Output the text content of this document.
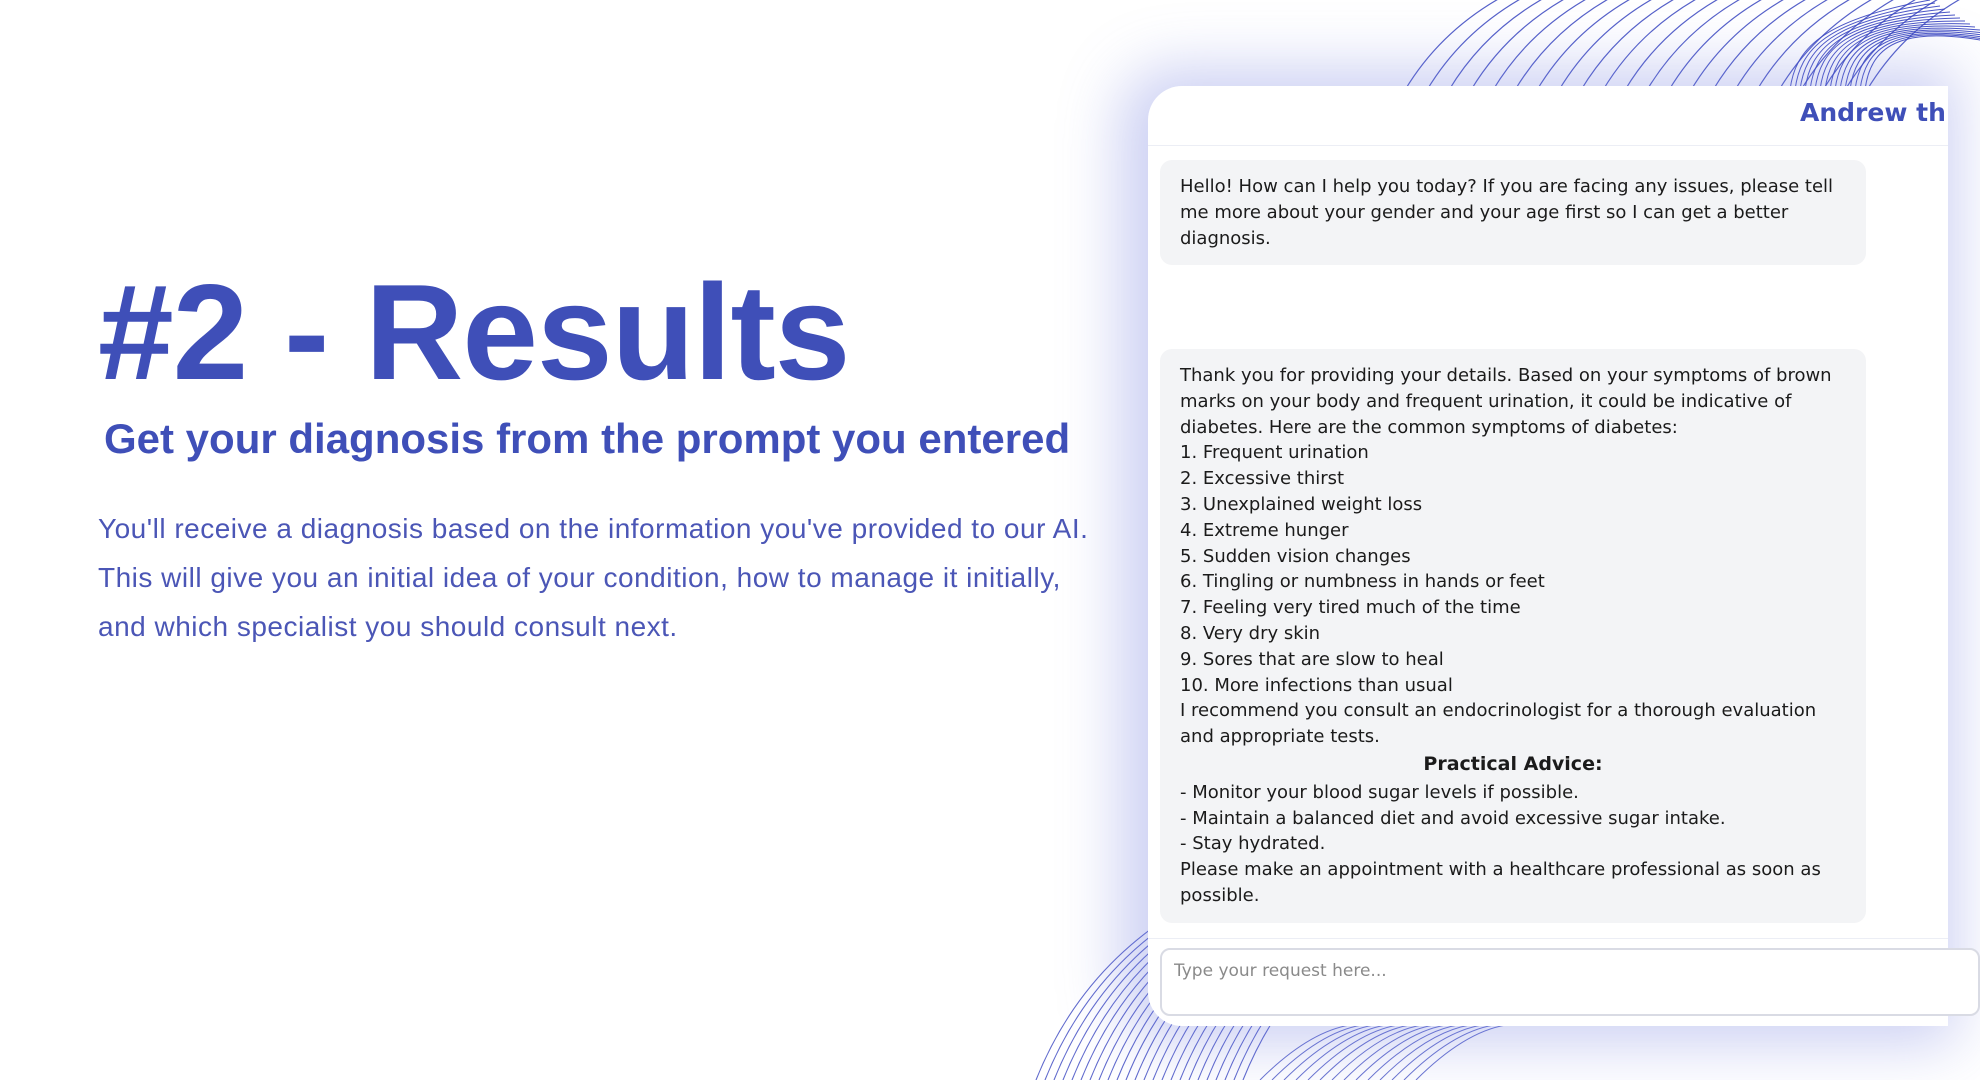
#2 - Results
Get your diagnosis from the prompt you entered

You'll receive a diagnosis based on the information you've provided to our AI. This will give you an initial idea of your condition, how to manage it initially, and which specialist you should consult next.

Andrew th
Hello! How can I help you today? If you are facing any issues, please tell me more about your gender and your age first so I can get a better diagnosis.
Thank you for providing your details. Based on your symptoms of brown marks on your body and frequent urination, it could be indicative of diabetes. Here are the common symptoms of diabetes:
1. Frequent urination
2. Excessive thirst
3. Unexplained weight loss
4. Extreme hunger
5. Sudden vision changes
6. Tingling or numbness in hands or feet
7. Feeling very tired much of the time
8. Very dry skin
9. Sores that are slow to heal
10. More infections than usual
I recommend you consult an endocrinologist for a thorough evaluation and appropriate tests.
Practical Advice:
- Monitor your blood sugar levels if possible.
- Maintain a balanced diet and avoid excessive sugar intake.
- Stay hydrated.
Please make an appointment with a healthcare professional as soon as possible.
Type your request here...
